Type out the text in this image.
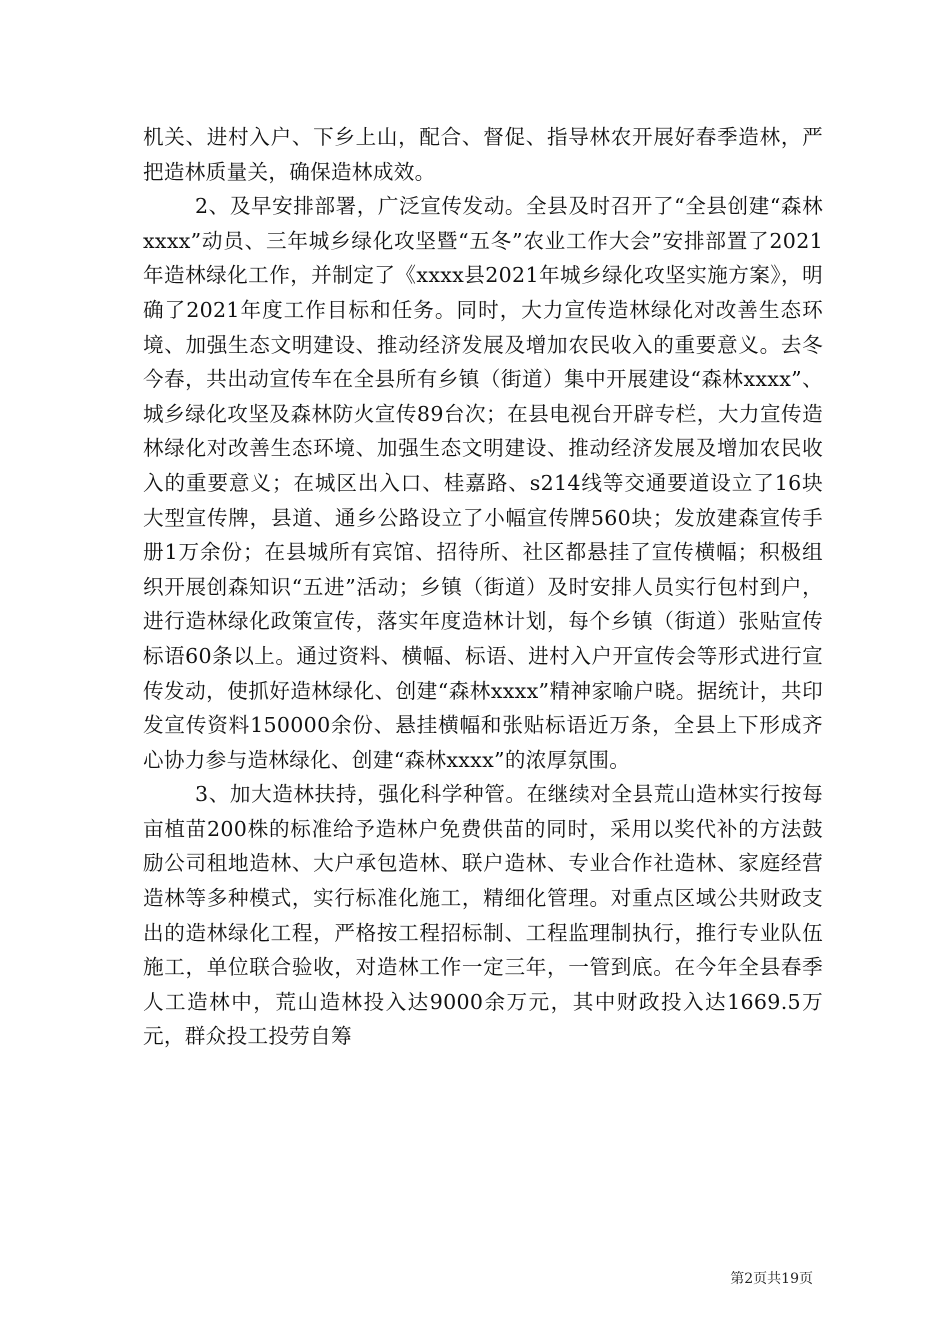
机关、进村入户、下乡上山，配合、督促、指导林农开展好春季造林，严把造林质量关，确保造林成效。

2、及早安排部署，广泛宣传发动。全县及时召开了“全县创建“森林xxxx”动员、三年城乡绿化攻坚暨“五冬”农业工作大会”安排部置了2021年造林绿化工作，并制定了《xxxx县2021年城乡绿化攻坚实施方案》，明确了2021年度工作目标和任务。同时，大力宣传造林绿化对改善生态环境、加强生态文明建设、推动经济发展及增加农民收入的重要意义。去冬今春，共出动宣传车在全县所有乡镇（街道）集中开展建设“森林xxxx”、城乡绿化攻坚及森林防火宣传89台次；在县电视台开辟专栏，大力宣传造林绿化对改善生态环境、加强生态文明建设、推动经济发展及增加农民收入的重要意义；在城区出入口、桂嘉路、s214线等交通要道设立了16块大型宣传牌，县道、通乡公路设立了小幅宣传牌560块；发放建森宣传手册1万余份；在县城所有宾馆、招待所、社区都悬挂了宣传横幅；积极组织开展创森知识“五进”活动；乡镇（街道）及时安排人员实行包村到户，进行造林绿化政策宣传，落实年度造林计划，每个乡镇（街道）张贴宣传标语60条以上。通过资料、横幅、标语、进村入户开宣传会等形式进行宣传发动，使抓好造林绿化、创建“森林xxxx”精神家喻户晓。据统计，共印发宣传资料150000余份、悬挂横幅和张贴标语近万条，全县上下形成齐心协力参与造林绿化、创建“森林xxxx”的浓厚氛围。

3、加大造林扶持，强化科学种管。在继续对全县荒山造林实行按每亩植苗200株的标准给予造林户免费供苗的同时，采用以奖代补的方法鼓励公司租地造林、大户承包造林、联户造林、专业合作社造林、家庭经营造林等多种模式，实行标准化施工，精细化管理。对重点区域公共财政支出的造林绿化工程，严格按工程招标制、工程监理制执行，推行专业队伍施工，单位联合验收，对造林工作一定三年，一管到底。在今年全县春季人工造林中，荒山造林投入达9000余万元，其中财政投入达1669.5万元，群众投工投劳自筹

第2页共19页
